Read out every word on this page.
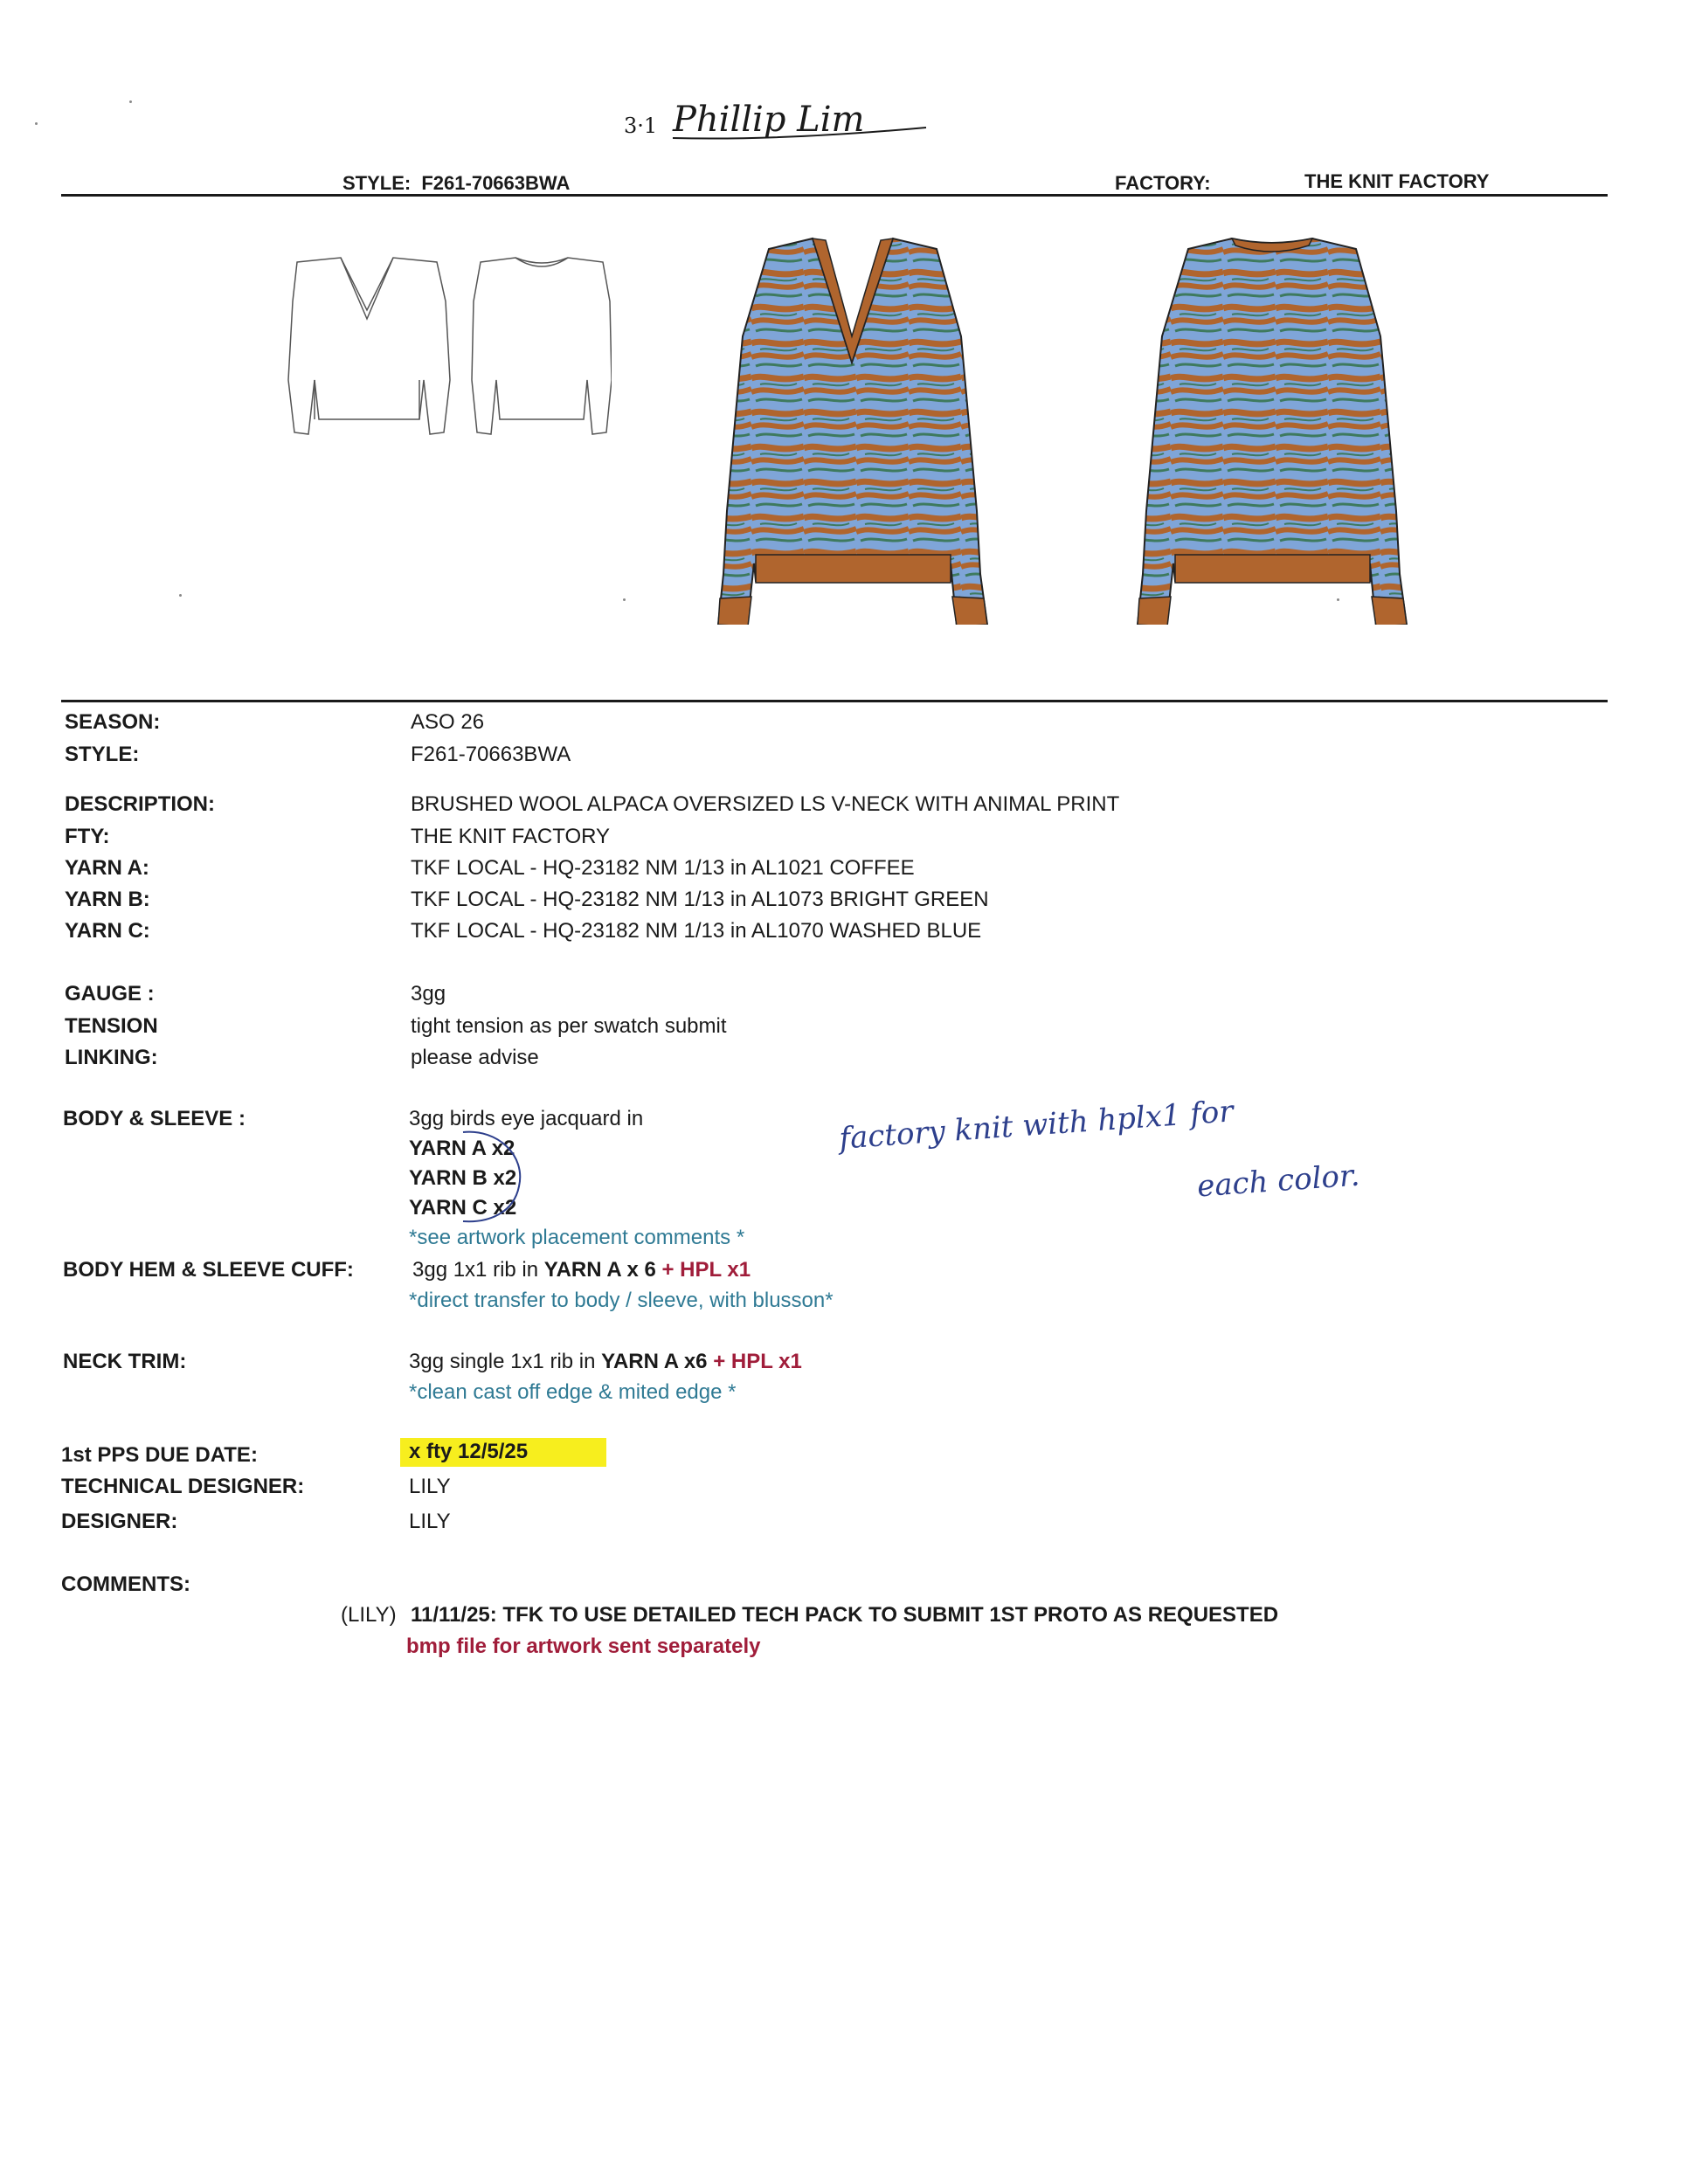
3·1 Phillip Lim
STYLE: F261-70663BWA	FACTORY:	THE KNIT FACTORY
SEASON:	ASO 26
STYLE:	F261-70663BWA
DESCRIPTION:	BRUSHED WOOL ALPACA OVERSIZED LS V-NECK WITH ANIMAL PRINT
FTY:	THE KNIT FACTORY
YARN A:	TKF LOCAL - HQ-23182 NM 1/13 in AL1021 COFFEE
YARN B:	TKF LOCAL - HQ-23182 NM 1/13 in AL1073 BRIGHT GREEN
YARN C:	TKF LOCAL - HQ-23182 NM 1/13 in AL1070 WASHED BLUE
GAUGE :	3gg
TENSION	tight tension as per swatch submit
LINKING:	please advise
BODY & SLEEVE :	3gg birds eye jacquard in
YARN A x2
YARN B x2
YARN C x2
*see artwork placement comments *
factory knit with hplx1 for
each color.
BODY HEM & SLEEVE CUFF:	3gg 1x1 rib in YARN A x 6 + HPL x1
*direct transfer to body / sleeve, with blusson*
NECK TRIM:	3gg single 1x1 rib in YARN A x6 + HPL x1
*clean cast off edge & mited edge *
1st PPS DUE DATE:	x fty 12/5/25
TECHNICAL DESIGNER:	LILY
DESIGNER:	LILY
COMMENTS:
(LILY) 11/11/25: TFK TO USE DETAILED TECH PACK TO SUBMIT 1ST PROTO AS REQUESTED
bmp file for artwork sent separately
